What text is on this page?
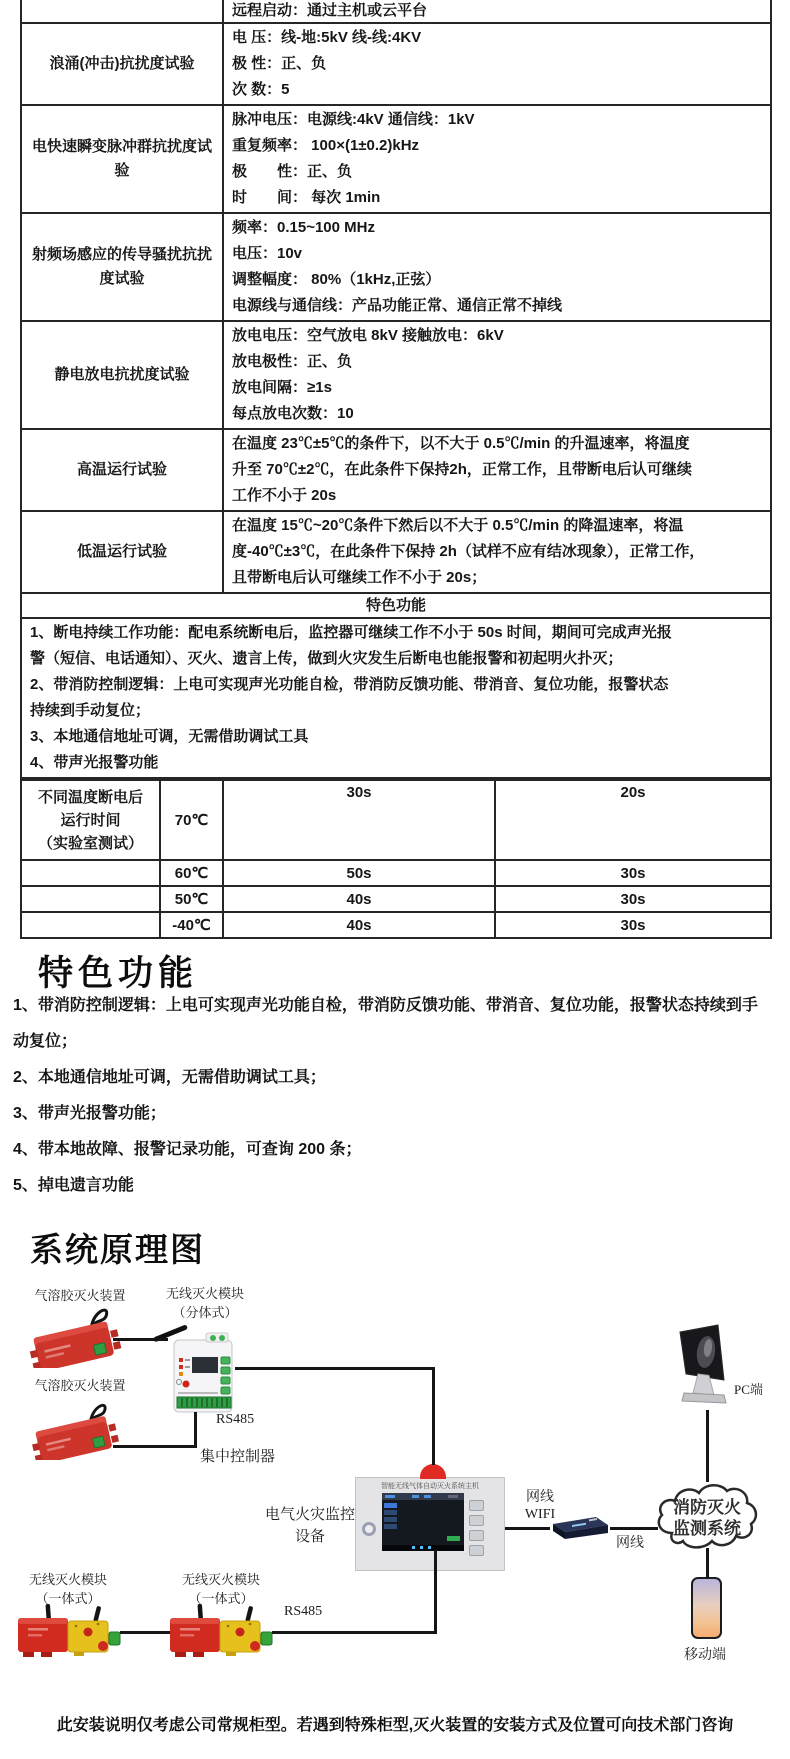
	远程启动：通过主机或云平台

浪涌(冲击)抗扰度试验	电 压：线-地:5kV 线-线:4KV
极 性：正、负
次 数：5

电快速瞬变脉冲群抗扰度试验	脉冲电压：电源线:4kV 通信线：1kV
重复频率： 100×(1±0.2)kHz
极　　性：正、负
时　　间： 每次 1min

射频场感应的传导骚扰抗扰度试验	频率：0.15~100 MHz
电压：10v
调整幅度： 80%（1kHz,正弦）
电源线与通信线：产品功能正常、通信正常不掉线

静电放电抗扰度试验	放电电压：空气放电 8kV 接触放电：6kV
放电极性：正、负
放电间隔：≥1s
每点放电次数：10

高温运行试验	在温度 23℃±5℃的条件下，以不大于 0.5℃/min 的升温速率，将温度
升至 70℃±2℃，在此条件下保持2h，正常工作，且带断电后认可继续
工作不小于 20s

低温运行试验	在温度 15℃~20℃条件下然后以不大于 0.5℃/min 的降温速率，将温
度-40℃±3℃，在此条件下保持 2h（试样不应有结冰现象），正常工作，
且带断电后认可继续工作不小于 20s；

特色功能	

1、断电持续工作功能：配电系统断电后，监控器可继续工作不小于 50s 时间，期间可完成声光报
警（短信、电话通知）、灭火、遗言上传，做到火灾发生后断电也能报警和初起明火扑灭；
2、带消防控制逻辑：上电可实现声光功能自检，带消防反馈功能、带消音、复位功能，报警状态
持续到手动复位；
3、本地通信地址可调，无需借助调试工具
4、带声光报警功能
不同温度断电后
运行时间
（实验室测试）	70℃	30s	20s
	60℃	50s	30s
	50℃	40s	30s
	-40℃	40s	30s
特色功能
1、带消防控制逻辑：上电可实现声光功能自检，带消防反馈功能、带消音、复位功能，报警状态持续到手动复位；
2、本地通信地址可调，无需借助调试工具；
3、带声光报警功能；
4、带本地故障、报警记录功能，可查询 200 条；
5、掉电遗言功能
系统原理图
气溶胶灭火装置
气溶胶灭火装置
无线灭火模块
（分体式）
RS485
集中控制器
电气火灾监控
设备
网线
WIFI
网线
PC端
移动端
无线灭火模块
（一体式）
无线灭火模块
（一体式）
RS485
智能无线气体自动灭火系统主机
消防灭火
监测系统
此安装说明仅考虑公司常规柜型。若遇到特殊柜型,灭火装置的安装方式及位置可向技术部门咨询
